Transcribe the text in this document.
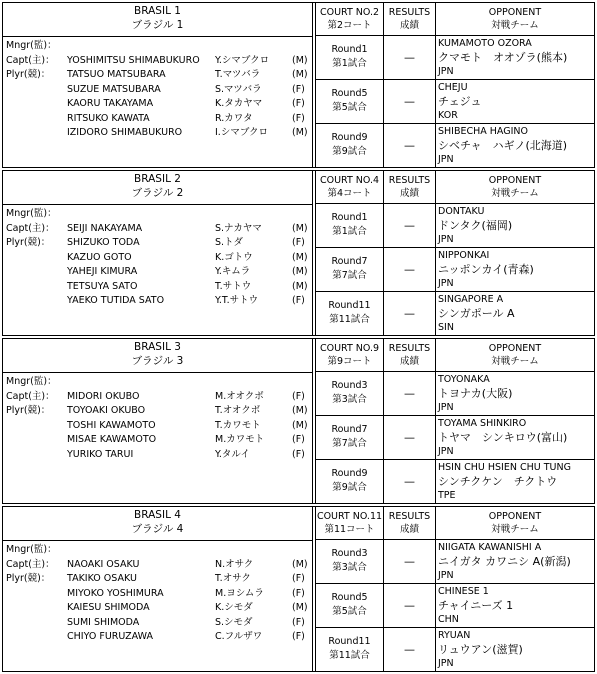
BRASIL 1
ブラジル 1
Mngr(監)：
Capt(主)： YOSHIMITSU SHIMABUKURO Y.シマブクロ (M)
Plyr(競)： TATSUO MATSUBARA	T.マツバラ	(M)
SUZUE MATSUBARA	S.マツバラ	(F)
KAORU TAKAYAMA	K.タカヤマ	(F)
RITSUKO KAWATA	R.カワタ	(F)
IZIDORO SHIMABUKURO	I.シマブクロ	(M)
COURT NO.2
第2コート
RESULTS
成績
OPPONENT
対戦チーム
Round1
第1試合	—
KUMAMOTO OZORA
クマモト　オオゾラ(熊本)
JPN
Round5
第5試合	—
CHEJU
チェジュ
KOR
Round9
第9試合	—
SHIBECHA HAGINO
シベチャ　ハギノ(北海道)
JPN
BRASIL 2
ブラジル 2
Mngr(監)：
Capt(主)： SEIJI NAKAYAMA	S.ナカヤマ	(M)
Plyr(競)： SHIZUKO TODA	S.トダ	(F)
KAZUO GOTO	K.ゴトウ	(M)
YAHEJI KIMURA	Y.キムラ	(M)
TETSUYA SATO	T.サトウ	(M)
YAEKO TUTIDA SATO	Y.T.サトウ	(F)
COURT NO.4
第4コート
RESULTS
成績
OPPONENT
対戦チーム
Round1
第1試合	—
DONTAKU
ドンタク(福岡)
JPN
Round7
第7試合	—
NIPPONKAI
ニッポンカイ(青森)
JPN
Round11
第11試合	—
SINGAPORE A
シンガポール A
SIN
BRASIL 3
ブラジル 3
Mngr(監)：
Capt(主)： MIDORI OKUBO	M.オオクボ	(F)
Plyr(競)： TOYOAKI OKUBO	T.オオクボ	(M)
TOSHI KAWAMOTO	T.カワモト	(M)
MISAE KAWAMOTO	M.カワモト	(F)
YURIKO TARUI	Y.タルイ	(F)
COURT NO.9
第9コート
RESULTS
成績
OPPONENT
対戦チーム
Round3
第3試合	—
TOYONAKA
トヨナカ(大阪)
JPN
Round7
第7試合	—
TOYAMA SHINKIRO
トヤマ　シンキロウ(富山)
JPN
Round9
第9試合	—
HSIN CHU HSIEN CHU TUNG
シンチクケン　チクトウ
TPE
BRASIL 4
ブラジル 4
Mngr(監)：
Capt(主)： NAOAKI OSAKU	N.オサク	(M)
Plyr(競)： TAKIKO OSAKU	T.オサク	(F)
MIYOKO YOSHIMURA	M.ヨシムラ	(F)
KAIESU SHIMODA	K.シモダ	(M)
SUMI SHIMODA	S.シモダ	(F)
CHIYO FURUZAWA	C.フルザワ	(F)
COURT NO.11
第11コート
RESULTS
成績
OPPONENT
対戦チーム
Round3
第3試合	—
NIIGATA KAWANISHI A
ニイガタ カワニシ A(新潟)
JPN
Round5
第5試合	—
CHINESE 1
チャイニーズ 1
CHN
Round11
第11試合	—
RYUAN
リュウアン(滋賀)
JPN
